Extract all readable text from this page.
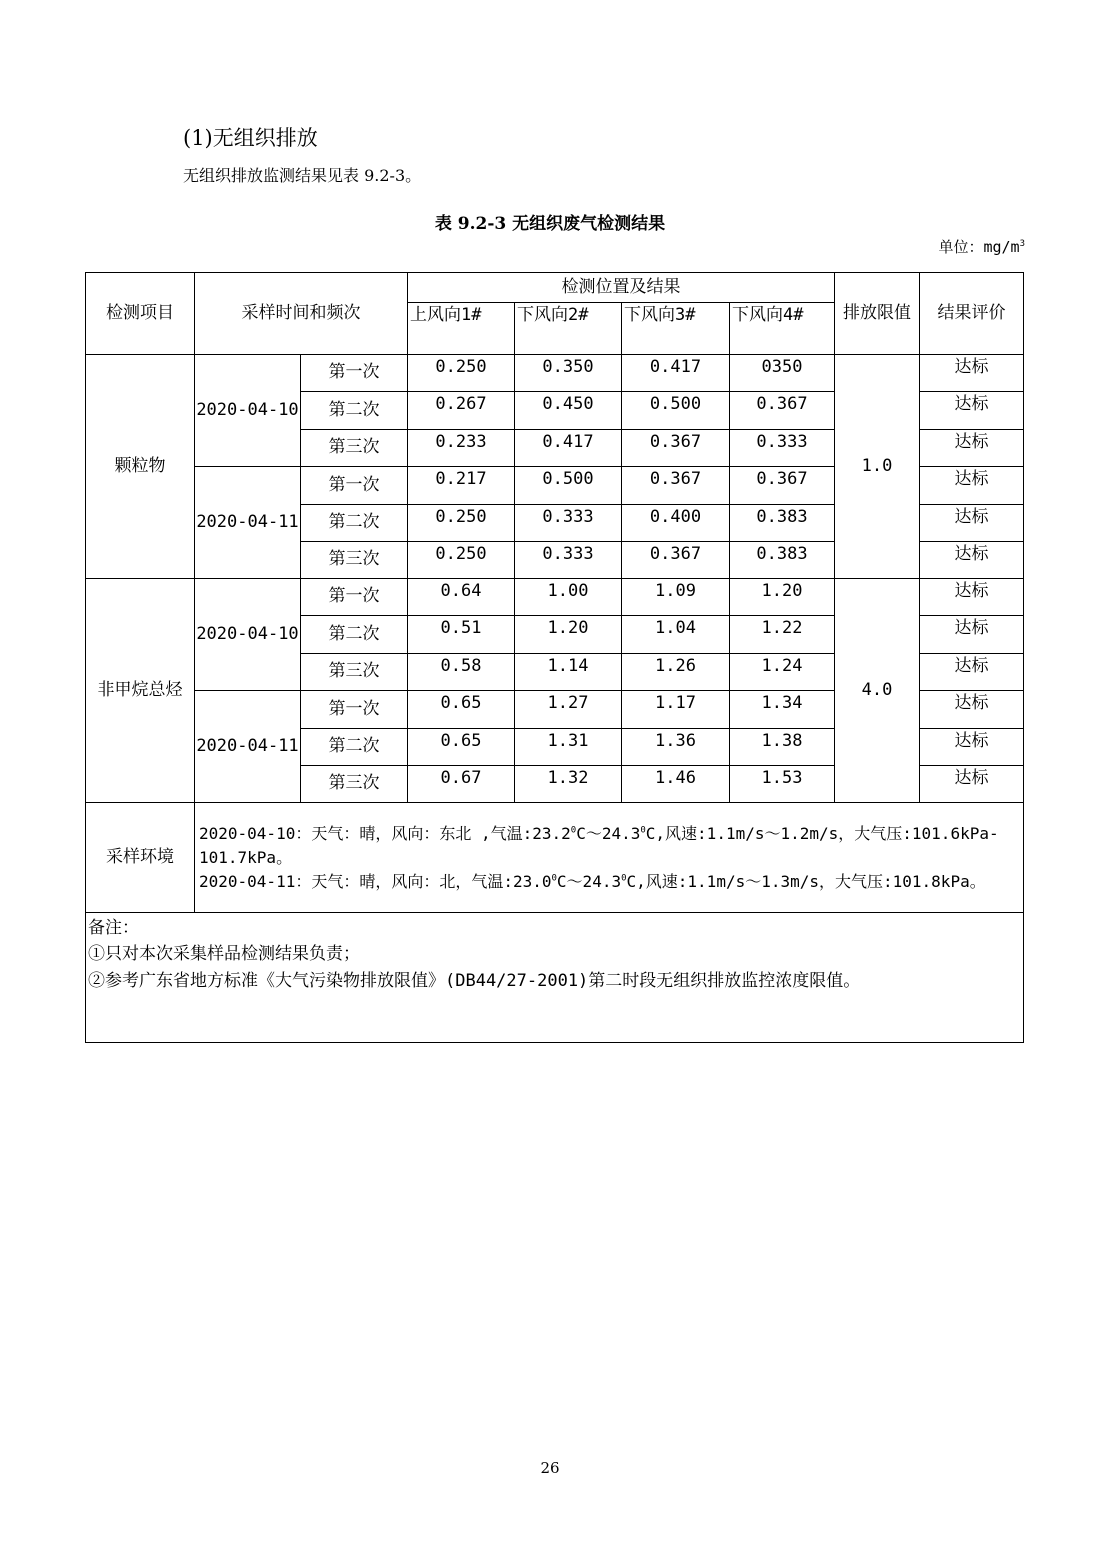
(1)无组织排放
无组织排放监测结果见表 9.2-3。
表 9.2-3 无组织废气检测结果
单位：$mg/m^3$
检测项目	采样时间和频次		检测位置及结果				排放限值	结果评价
			上风向1#	下风向2#	下风向3#	下风向4#		
颗粒物	2020-04-10	第一次	0.250	0.350	0.417	0350	1.0	达标
		第二次	0.267	0.450	0.500	0.367		达标
		第三次	0.233	0.417	0.367	0.333		达标
	2020-04-11	第一次	0.217	0.500	0.367	0.367		达标
		第二次	0.250	0.333	0.400	0.383		达标
		第三次	0.250	0.333	0.367	0.383		达标
非甲烷总烃	2020-04-10	第一次	0.64	1.00	1.09	1.20	4.0	达标
		第二次	0.51	1.20	1.04	1.22		达标
		第三次	0.58	1.14	1.26	1.24		达标
	2020-04-11	第一次	0.65	1.27	1.17	1.34		达标
		第二次	0.65	1.31	1.36	1.38		达标
		第三次	0.67	1.32	1.46	1.53		达标
采样环境	2020-04-10：天气：晴，风向：东北 ,气温:23.2$^0$C～24.3$^0$C,风速:1.1m/s～1.2m/s，大气压:101.6kPa-101.7kPa。
2020-04-11：天气：晴，风向：北，气温:23.0$^0$C～24.3$^0$C,风速:1.1m/s～1.3m/s，大气压:101.8kPa。							

备注：
①只对本次采集样品检测结果负责；
②参考广东省地方标准《大气污染物排放限值》(DB44/27-2001)第二时段无组织排放监控浓度限值。								
26
